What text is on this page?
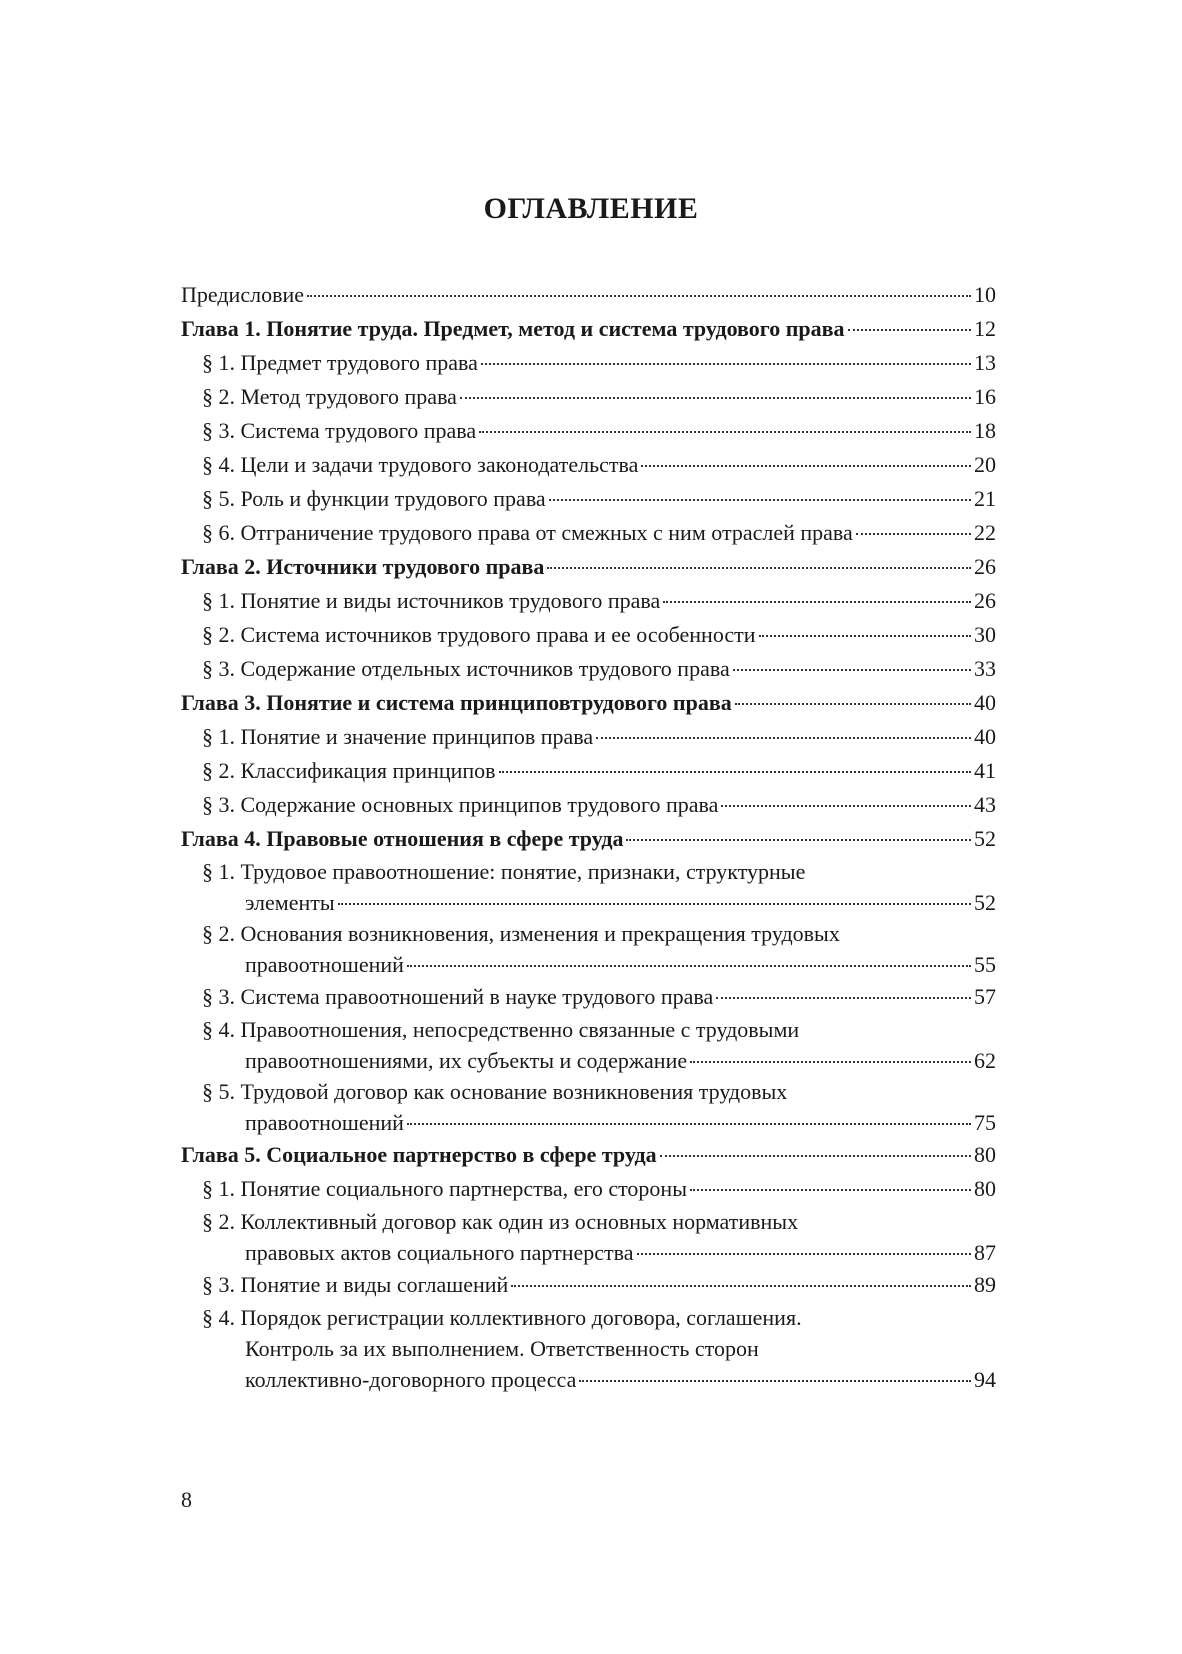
ОГЛАВЛЕНИЕ
Предисловие	10
Глава 1. Понятие труда. Предмет, метод и система трудового права	12
§ 1. Предмет трудового права	13
§ 2. Метод трудового права	16
§ 3. Система трудового права	18
§ 4. Цели и задачи трудового законодательства	20
§ 5. Роль и функции трудового права	21
§ 6. Отграничение трудового права от смежных с ним отраслей права	22
Глава 2. Источники трудового права	26
§ 1. Понятие и виды источников трудового права	26
§ 2. Система источников трудового права и ее особенности	30
§ 3. Содержание отдельных источников трудового права	33
Глава 3. Понятие и система принциповтрудового права	40
§ 1. Понятие и значение принципов права	40
§ 2. Классификация принципов	41
§ 3. Содержание основных принципов трудового права	43
Глава 4. Правовые отношения в сфере труда	52
§ 1. Трудовое правоотношение: понятие, признаки, структурные
элементы	52
§ 2. Основания возникновения, изменения и прекращения трудовых
правоотношений	55
§ 3. Система правоотношений в науке трудового права	57
§ 4. Правоотношения, непосредственно связанные с трудовыми
правоотношениями, их субъекты и содержание	62
§ 5. Трудовой договор как основание возникновения трудовых
правоотношений	75
Глава 5. Социальное партнерство в сфере труда	80
§ 1. Понятие социального партнерства, его стороны	80
§ 2. Коллективный договор как один из основных нормативных
правовых актов социального партнерства	87
§ 3. Понятие и виды соглашений	89
§ 4. Порядок регистрации коллективного договора, соглашения.
Контроль за их выполнением. Ответственность сторон
коллективно-договорного процесса	94
8
